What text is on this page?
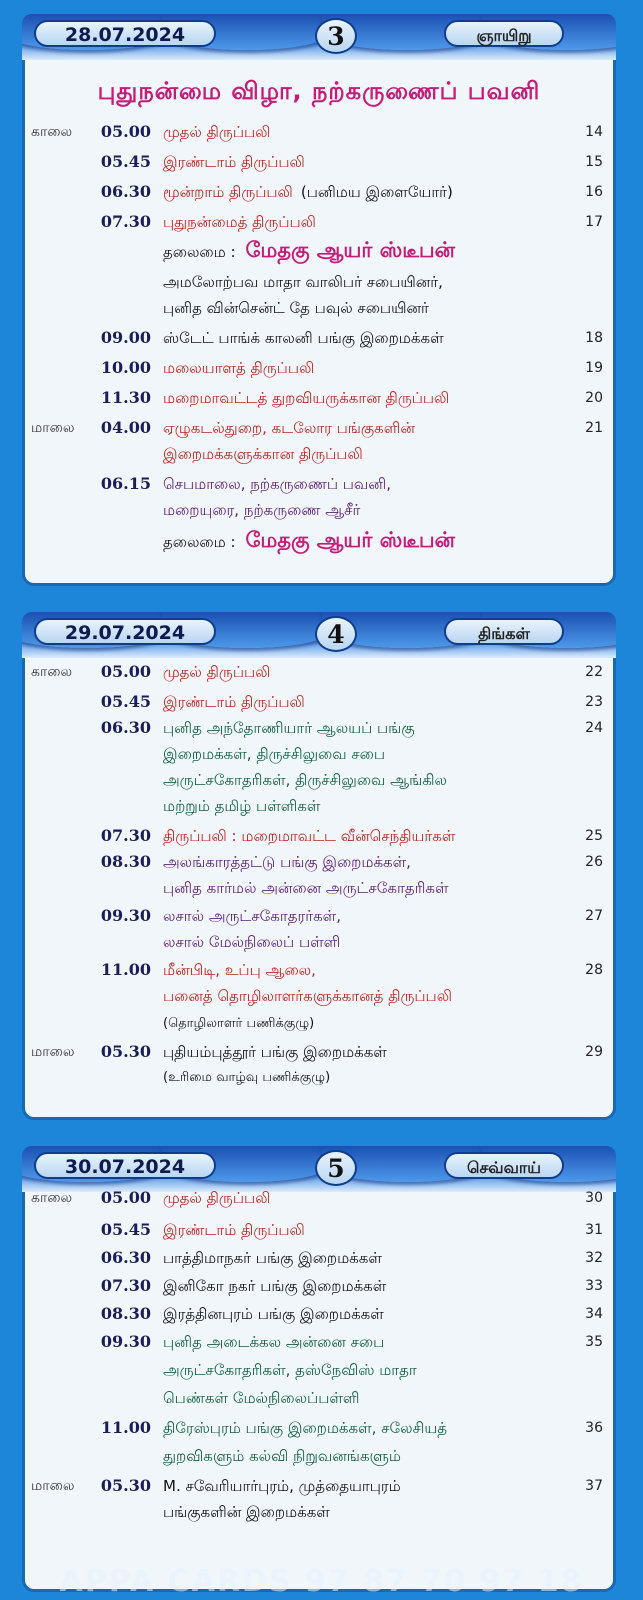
28.07.2024	3	ஞாயிறு
புதுநன்மை விழா, நற்கருணைப் பவனி
காலை	05.00 முதல் திருப்பலி	14
05.45 இரண்டாம் திருப்பலி	15
06.30 மூன்றாம் திருப்பலி (பனிமய இளையோர்)	16
07.30 புதுநன்மைத் திருப்பலி	17
தலைமை : மேதகு ஆயர் ஸ்டீபன்
அமலோற்பவ மாதா வாலிபர் சபையினர்,
புனித வின்சென்ட் தே பவுல் சபையினர்
09.00 ஸ்டேட் பாங்க் காலனி பங்கு இறைமக்கள்	18
10.00 மலையாளத் திருப்பலி	19
11.30 மறைமாவட்டத் துறவியருக்கான திருப்பலி	20
மாலை	04.00 ஏழுகடல்துறை, கடலோர பங்குகளின்	21
இறைமக்களுக்கான திருப்பலி
06.15 செபமாலை, நற்கருணைப் பவனி,
மறையுரை, நற்கருணை ஆசீர்
தலைமை : மேதகு ஆயர் ஸ்டீபன்
29.07.2024	4	திங்கள்
காலை	05.00 முதல் திருப்பலி	22
05.45 இரண்டாம் திருப்பலி	23
06.30 புனித அந்தோணியார் ஆலயப் பங்கு	24
இறைமக்கள், திருச்சிலுவை சபை
அருட்சகோதரிகள், திருச்சிலுவை ஆங்கில
மற்றும் தமிழ் பள்ளிகள்
07.30 திருப்பலி : மறைமாவட்ட வீன்செந்தியர்கள்	25
08.30 அலங்காரத்தட்டு பங்கு இறைமக்கள்,	26
புனித கார்மல் அன்னை அருட்சகோதரிகள்
09.30 லசால் அருட்சகோதரர்கள்,	27
லசால் மேல்நிலைப் பள்ளி
11.00 மீன்பிடி, உப்பு ஆலை,	28
பனைத் தொழிலாளர்களுக்கானத் திருப்பலி
(தொழிலாளர் பணிக்குழு)
மாலை	05.30 புதியம்புத்தூர் பங்கு இறைமக்கள்	29
(உரிமை வாழ்வு பணிக்குழு)
30.07.2024	5	செவ்வாய்
காலை	05.00 முதல் திருப்பலி	30
05.45 இரண்டாம் திருப்பலி	31
06.30 பாத்திமாநகர் பங்கு இறைமக்கள்	32
07.30 இனிகோ நகர் பங்கு இறைமக்கள்	33
08.30 இரத்தினபுரம் பங்கு இறைமக்கள்	34
09.30 புனித அடைக்கல அன்னை சபை	35
அருட்சகோதரிகள், தஸ்நேவிஸ் மாதா
பெண்கள் மேல்நிலைப்பள்ளி
11.00 திரேஸ்புரம் பங்கு இறைமக்கள், சலேசியத்	36
துறவிகளும் கல்வி நிறுவனங்களும்
மாலை	05.30 M. சவேரியார்புரம், முத்தையாபுரம்	37
பங்குகளின் இறைமக்கள்
APPA CARDS 97 87 70 97 18
